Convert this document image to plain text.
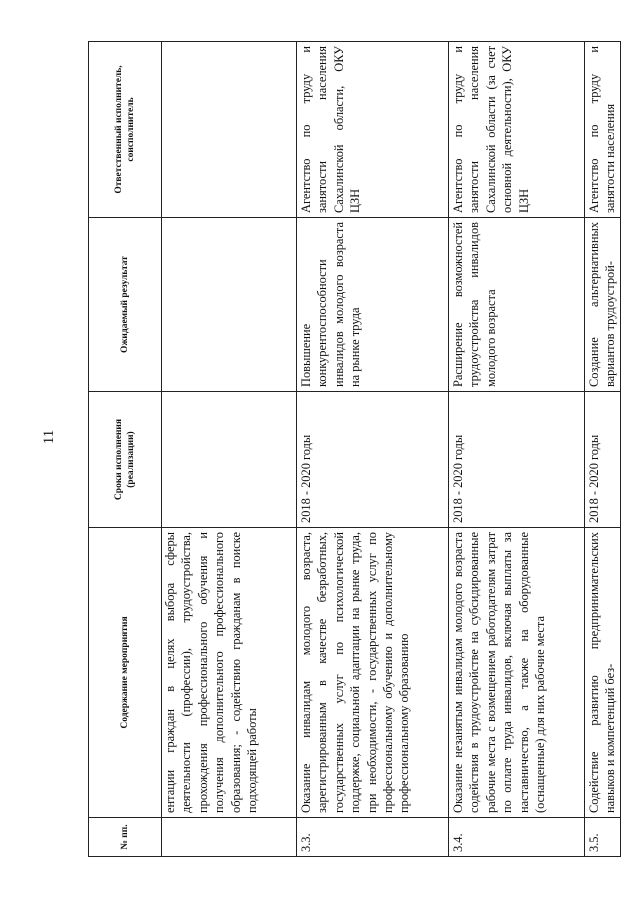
11
№ пп.	Содержание мероприятия	Сроки исполнения (реализации)	Ожидаемый результат	Ответственный исполнитель, соисполнитель
	ентации граждан в целях выбора сферы деятельности (профессии), трудоустройства, прохождения профессионального обучения и получения дополнительного профессионального образования; - содействию гражданам в поиске подходящей работы			
3.3.	Оказание инвалидам молодого возраста, зарегистрированным в качестве безработных, государственных услуг по психологической поддержке, социальной адаптации на рынке труда, при необходимости, - государственных услуг по профессиональному обучению и дополнительному профессиональному образованию	2018 - 2020 годы	Повышение конкурентоспособности инвалидов молодого возраста на рынке труда	Агентство по труду и занятости населения Сахалинской области, ОКУ ЦЗН
3.4.	Оказание незанятым инвалидам молодого возраста содействия в трудоустройстве на субсидированные рабочие места с возмещением работодателям затрат по оплате труда инвалидов, включая выплаты за наставничество, а также на оборудованные (оснащенные) для них рабочие места	2018 - 2020 годы	Расширение возможностей трудоустройства инвалидов молодого возраста	Агентство по труду и занятости населения Сахалинской области (за счет основной деятельности), ОКУ ЦЗН
3.5.	Содействие развитию предпринимательских навыков и компетенций без-	2018 - 2020 годы	Создание альтернативных вариантов трудоустрой-	Агентство по труду и занятости населения
